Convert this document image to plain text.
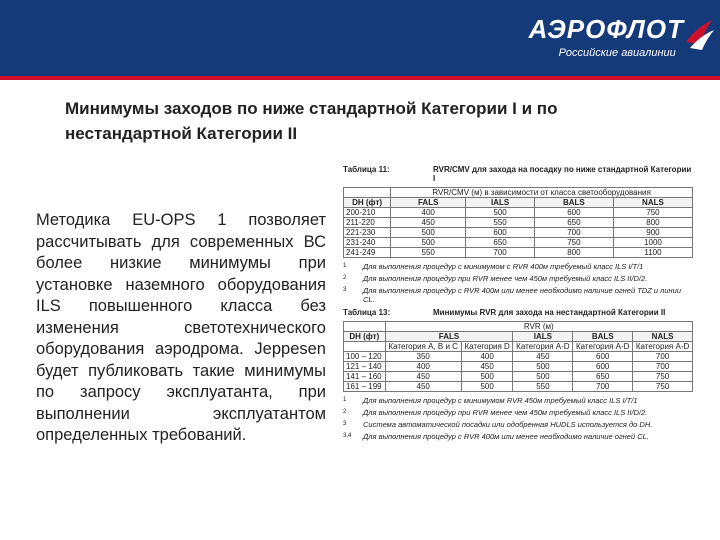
АЭРОФЛОТ
Российские авиалинии
Минимумы заходов по ниже стандартной Категории I и по нестандартной Категории II
Методика EU-OPS 1 позволяет рассчитывать для современных ВС более низкие минимумы при установке наземного оборудования ILS повышенного класса без изменения светотехнического оборудования аэродрома. Jeppesen будет публиковать такие минимумы по запросу эксплуатанта, при выполнении эксплуатантом определенных требований.
Таблица 11:	RVR/CMV для захода на посадку по ниже стандартной Категории I
	RVR/CMV (м) в зависимости от класса светооборудования			
DH (фт)	FALS	IALS	BALS	NALS
200-210	400	500	600	750
211-220	450	550	650	800
221-230	500	600	700	900
231-240	500	650	750	1000
241-249	550	700	800	1100
1	Для выполнения процедур с минимумом с RVR 400м требуемый класс ILS I/T/1
2	Для выполнения процедур при RVR менее чем 450м требуемый класс ILS II/D/2.
3	Для выполнения процедур с RVR 400м или менее необходимо наличие огней TDZ и линии CL.
Таблица 13:	Минимумы RVR для захода на нестандартной Категории II
	RVR (м)				
DH (фт)	FALS		IALS	BALS	NALS
	Категория A, B и C	Категория D	Категория A-D	Категория A-D	Категория A-D
100 – 120	350	400	450	600	700
121 – 140	400	450	500	600	700
141 – 160	450	500	500	650	750
161 – 199	450	500	550	700	750
1	Для выполнения процедур с минимумом RVR 450м требуемый класс ILS I/T/1
2	Для выполнения процедур при RVR менее чем 450м требуемый класс ILS II/D/2.
3	Система автоматической посадки или одобренная HUDLS используется до DH.
3,4	Для выполнения процедур с RVR 400м или менее необходимо наличие огней CL.
